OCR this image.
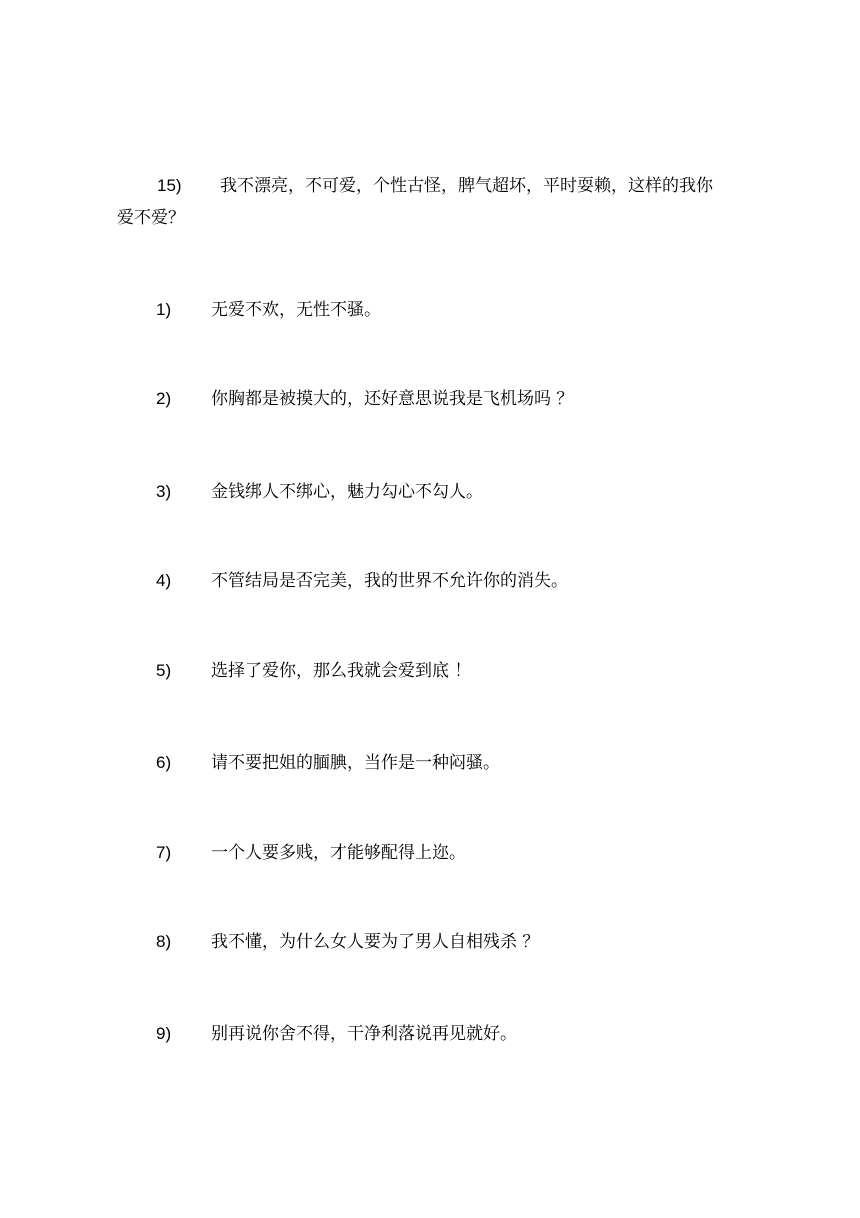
15) 我不漂亮，不可爱，个性古怪，脾气超坏，平时耍赖，这样的我你爱不爱？
1) 无爱不欢，无性不骚。
2) 你胸都是被摸大的，还好意思说我是飞机场吗 ？
3) 金钱绑人不绑心，魅力勾心不勾人。
4) 不管结局是否完美，我的世界不允许你的消失。
5) 选择了爱你，那么我就会爱到底 ！
6) 请不要把姐的腼腆，当作是一种闷骚。
7) 一个人要多贱，才能够配得上迩。
8) 我不懂，为什么女人要为了男人自相残杀 ？
9) 别再说你舍不得，干净利落说再见就好。
